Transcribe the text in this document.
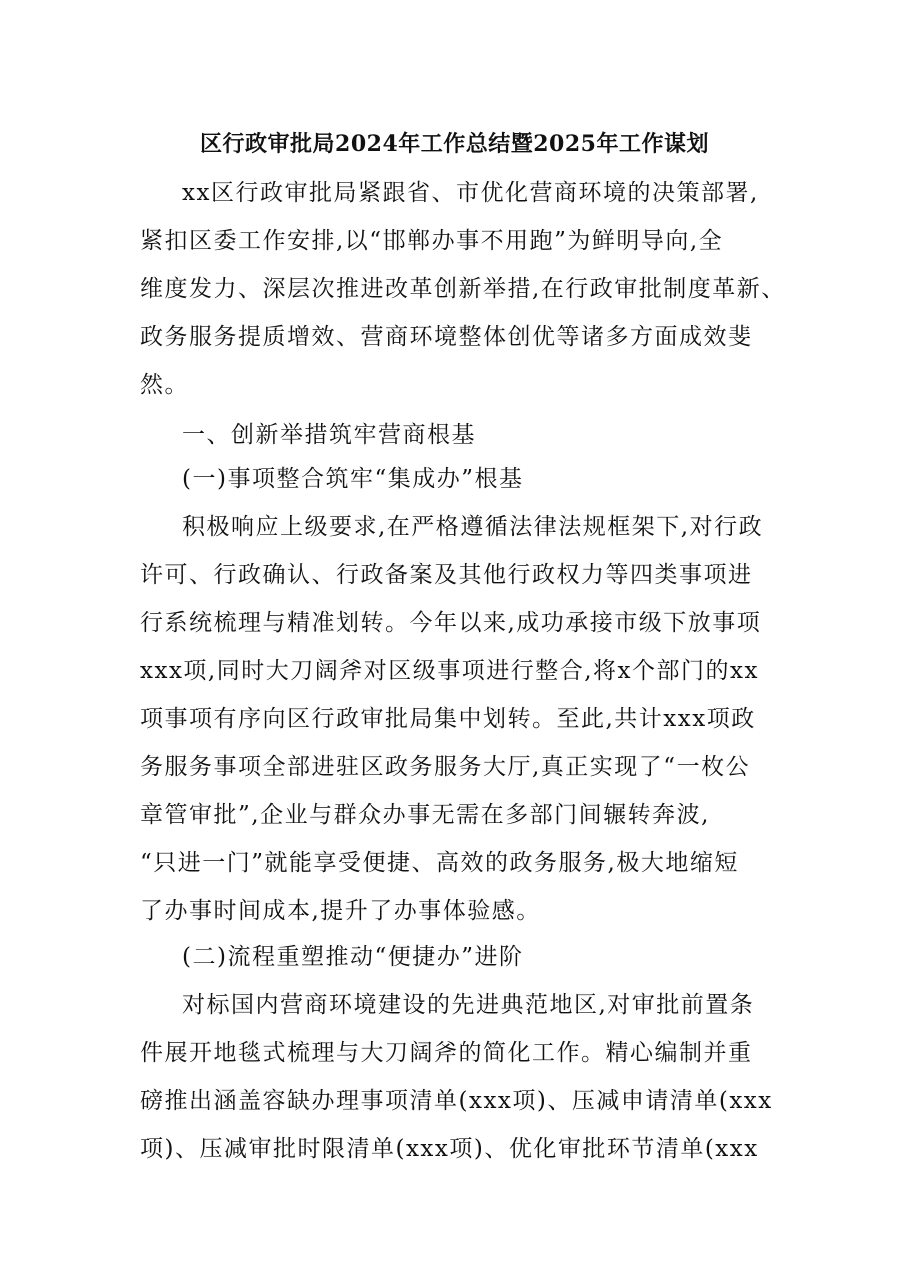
区行政审批局2024年工作总结暨2025年工作谋划
xx区行政审批局紧跟省、市优化营商环境的决策部署,
紧扣区委工作安排,以“邯郸办事不用跑”为鲜明导向,全
维度发力、深层次推进改革创新举措,在行政审批制度革新、
政务服务提质增效、营商环境整体创优等诸多方面成效斐
然。
一、创新举措筑牢营商根基
(一)事项整合筑牢“集成办”根基
积极响应上级要求,在严格遵循法律法规框架下,对行政
许可、行政确认、行政备案及其他行政权力等四类事项进
行系统梳理与精准划转。今年以来,成功承接市级下放事项
xxx项,同时大刀阔斧对区级事项进行整合,将x个部门的xx
项事项有序向区行政审批局集中划转。至此,共计xxx项政
务服务事项全部进驻区政务服务大厅,真正实现了“一枚公
章管审批”,企业与群众办事无需在多部门间辗转奔波,
“只进一门”就能享受便捷、高效的政务服务,极大地缩短
了办事时间成本,提升了办事体验感。
(二)流程重塑推动“便捷办”进阶
对标国内营商环境建设的先进典范地区,对审批前置条
件展开地毯式梳理与大刀阔斧的简化工作。精心编制并重
磅推出涵盖容缺办理事项清单(xxx项)、压减申请清单(xxx
项)、压减审批时限清单(xxx项)、优化审批环节清单(xxx
